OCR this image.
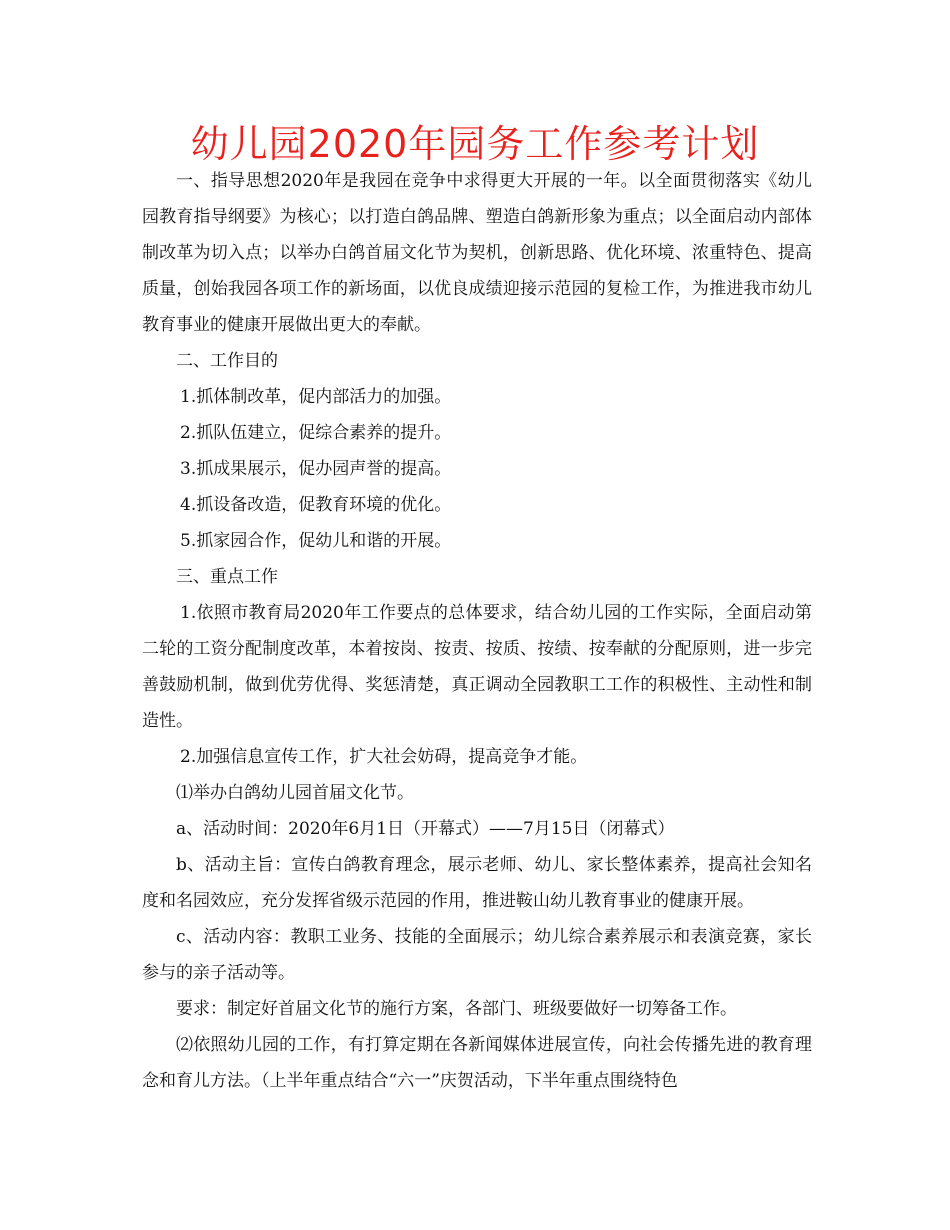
幼儿园2020年园务工作参考计划

一、指导思想2020年是我园在竞争中求得更大开展的一年。以全面贯彻落实《幼儿园教育指导纲要》为核心；以打造白鸽品牌、塑造白鸽新形象为重点；以全面启动内部体制改革为切入点；以举办白鸽首届文化节为契机，创新思路、优化环境、浓重特色、提高质量，创始我园各项工作的新场面，以优良成绩迎接示范园的复检工作，为推进我市幼儿教育事业的健康开展做出更大的奉献。

二、工作目的

1.抓体制改革，促内部活力的加强。

2.抓队伍建立，促综合素养的提升。

3.抓成果展示，促办园声誉的提高。

4.抓设备改造，促教育环境的优化。

5.抓家园合作，促幼儿和谐的开展。

三、重点工作

1.依照市教育局2020年工作要点的总体要求，结合幼儿园的工作实际，全面启动第二轮的工资分配制度改革，本着按岗、按责、按质、按绩、按奉献的分配原则，进一步完善鼓励机制，做到优劳优得、奖惩清楚，真正调动全园教职工工作的积极性、主动性和制造性。

2.加强信息宣传工作，扩大社会妨碍，提高竞争才能。

⑴举办白鸽幼儿园首届文化节。

a、活动时间：2020年6月1日（开幕式）——7月15日（闭幕式）

b、活动主旨：宣传白鸽教育理念，展示老师、幼儿、家长整体素养，提高社会知名度和名园效应，充分发挥省级示范园的作用，推进鞍山幼儿教育事业的健康开展。

c、活动内容：教职工业务、技能的全面展示；幼儿综合素养展示和表演竞赛，家长参与的亲子活动等。

要求：制定好首届文化节的施行方案，各部门、班级要做好一切筹备工作。

⑵依照幼儿园的工作，有打算定期在各新闻媒体进展宣传，向社会传播先进的教育理念和育儿方法。（上半年重点结合“六一”庆贺活动，下半年重点围绕特色
